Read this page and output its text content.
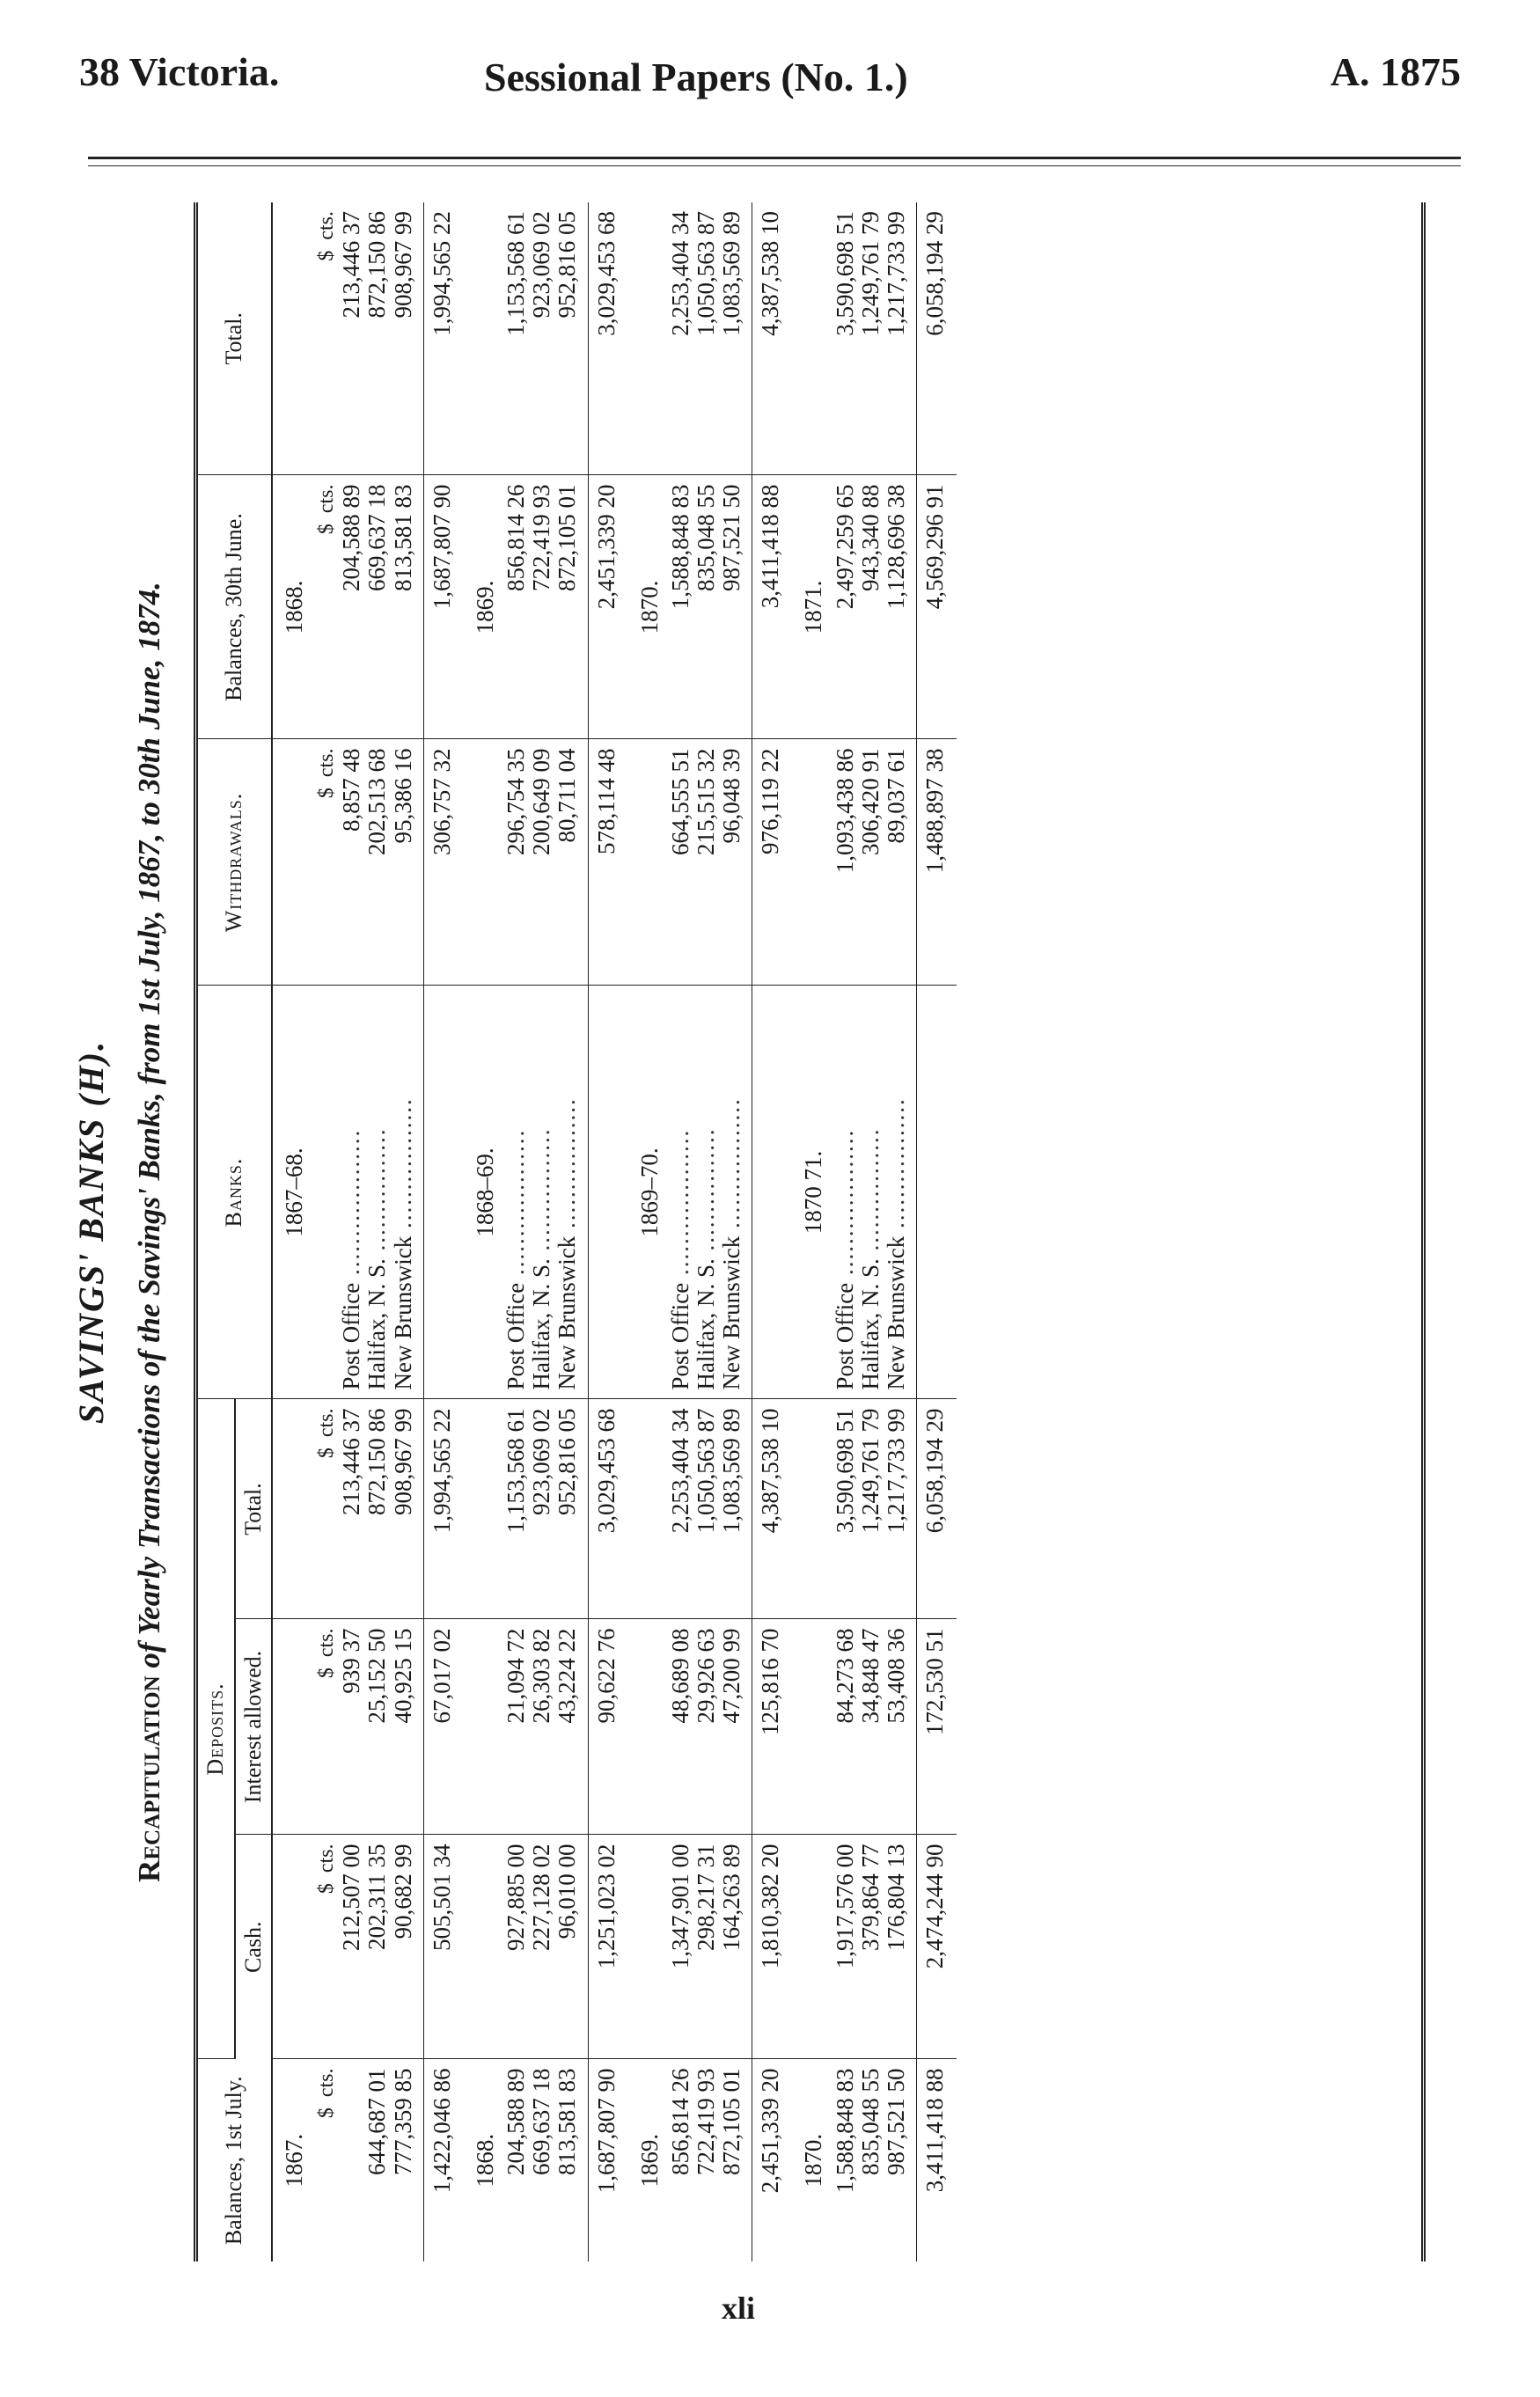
38 Victoria.	Sessional Papers (No. 1.)	A. 1875
SAVINGS' BANKS (H).
Recapitulation of Yearly Transactions of the Savings' Banks, from 1st July, 1867, to 30th June, 1874.
Balances, 1st July.	Deposits.			Banks.	Withdrawals.	Balances, 30th June.	Total.
	Cash.	Interest allowed.	Total.				
1867.				1867–68.		1868.	
$  cts.	$  cts.	$  cts.	$  cts.		$  cts.	$  cts.	$  cts.
	212,507 00	939 37	213,446 37	Post Office ...................	8,857 48	204,588 89	213,446 37
644,687 01	202,311 35	25,152 50	872,150 86	Halifax, N. S. ................	202,513 68	669,637 18	872,150 86
777,359 85	90,682 99	40,925 15	908,967 99	New Brunswick .................	95,386 16	813,581 83	908,967 99
1,422,046 86	505,501 34	67,017 02	1,994,565 22		306,757 32	1,687,807 90	1,994,565 22
1868.				1868–69.		1869.	
204,588 89	927,885 00	21,094 72	1,153,568 61	Post Office ...................	296,754 35	856,814 26	1,153,568 61
669,637 18	227,128 02	26,303 82	923,069 02	Halifax, N. S. ................	200,649 09	722,419 93	923,069 02
813,581 83	96,010 00	43,224 22	952,816 05	New Brunswick .................	80,711 04	872,105 01	952,816 05
1,687,807 90	1,251,023 02	90,622 76	3,029,453 68		578,114 48	2,451,339 20	3,029,453 68
1869.				1869–70.		1870.	
856,814 26	1,347,901 00	48,689 08	2,253,404 34	Post Office ...................	664,555 51	1,588,848 83	2,253,404 34
722,419 93	298,217 31	29,926 63	1,050,563 87	Halifax, N. S. ................	215,515 32	835,048 55	1,050,563 87
872,105 01	164,263 89	47,200 99	1,083,569 89	New Brunswick .................	96,048 39	987,521 50	1,083,569 89
2,451,339 20	1,810,382 20	125,816 70	4,387,538 10		976,119 22	3,411,418 88	4,387,538 10
1870.				1870 71.		1871.	
1,588,848 83	1,917,576 00	84,273 68	3,590,698 51	Post Office ...................	1,093,438 86	2,497,259 65	3,590,698 51
835,048 55	379,864 77	34,848 47	1,249,761 79	Halifax, N. S. ................	306,420 91	943,340 88	1,249,761 79
987,521 50	176,804 13	53,408 36	1,217,733 99	New Brunswick .................	89,037 61	1,128,696 38	1,217,733 99
3,411,418 88	2,474,244 90	172,530 51	6,058,194 29		1,488,897 38	4,569,296 91	6,058,194 29
xli
